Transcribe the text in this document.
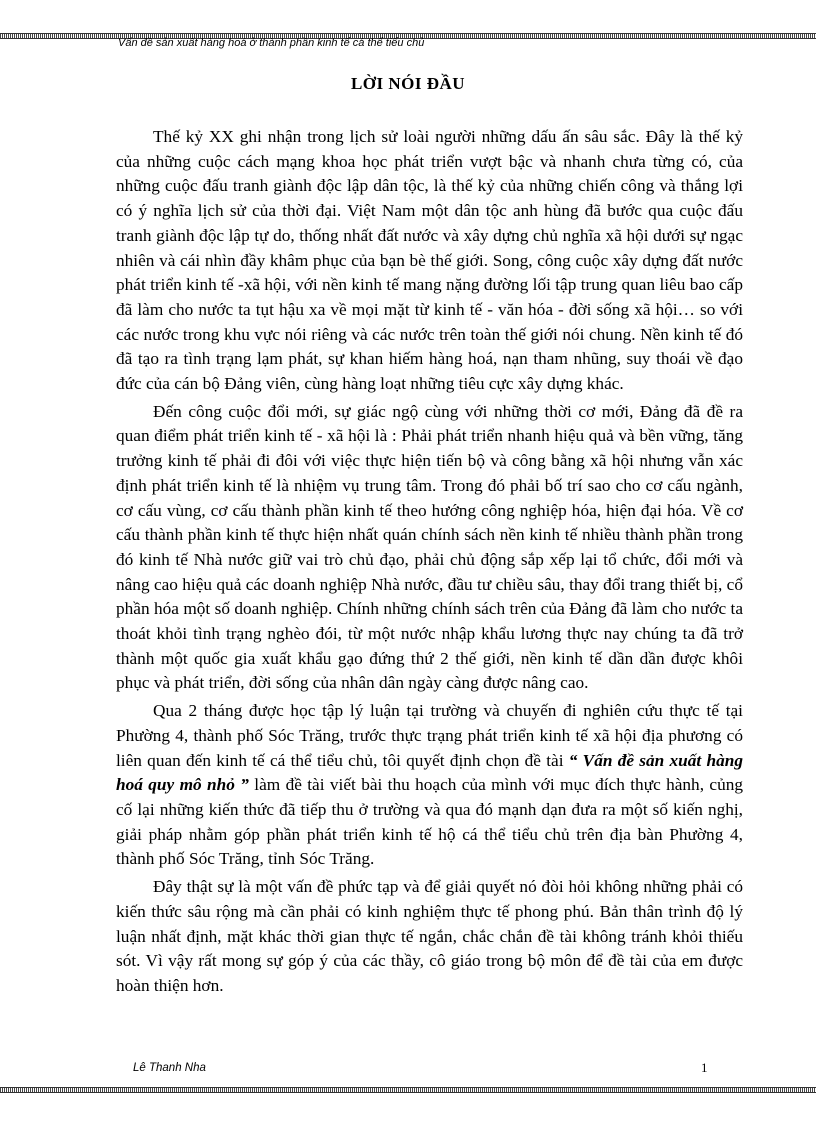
Vấn đề sản xuất hàng hoá ở thành phần kinh tế cá thể tiểu chủ
LỜI NÓI ĐẦU

Thế kỷ XX ghi nhận trong lịch sử loài người những dấu ấn sâu sắc. Đây là thế kỷ của những cuộc cách mạng khoa học phát triển vượt bậc và nhanh chưa từng có, của những cuộc đấu tranh giành độc lập dân tộc, là thế kỷ của những chiến công và thắng lợi có ý nghĩa lịch sử của thời đại. Việt Nam một dân tộc anh hùng đã bước qua cuộc đấu tranh giành độc lập tự do, thống nhất đất nước và xây dựng chủ nghĩa xã hội dưới sự ngạc nhiên và cái nhìn đầy khâm phục của bạn bè thế giới. Song, công cuộc xây dựng đất nước phát triển kinh tế -xã hội, với nền kinh tế mang nặng đường lối tập trung quan liêu bao cấp đã làm cho nước ta tụt hậu xa về mọi mặt từ kinh tế - văn hóa - đời sống xã hội… so với các nước trong khu vực nói riêng và các nước trên toàn thế giới nói chung. Nền kinh tế đó đã tạo ra tình trạng lạm phát, sự khan hiếm hàng hoá, nạn tham nhũng, suy thoái về đạo đức của cán bộ Đảng viên, cùng hàng loạt những tiêu cực xây dựng khác.

Đến công cuộc đổi mới, sự giác ngộ cùng với những thời cơ mới, Đảng đã đề ra quan điểm phát triển kinh tế - xã hội là : Phải phát triển nhanh hiệu quả và bền vững, tăng trưởng kinh tế phải đi đôi với việc thực hiện tiến bộ và công bằng xã hội nhưng vẫn xác định phát triển kinh tế là nhiệm vụ trung tâm. Trong đó phải bố trí sao cho cơ cấu ngành, cơ cấu vùng, cơ cấu thành phần kinh tế theo hướng công nghiệp hóa, hiện đại hóa. Về cơ cấu thành phần kinh tế thực hiện nhất quán chính sách nền kinh tế nhiều thành phần trong đó kinh tế Nhà nước giữ vai trò chủ đạo, phải chủ động sắp xếp lại tổ chức, đổi mới và nâng cao hiệu quả các doanh nghiệp Nhà nước, đầu tư chiều sâu, thay đổi trang thiết bị, cổ phần hóa một số doanh nghiệp. Chính những chính sách trên của Đảng đã làm cho nước ta thoát khỏi tình trạng nghèo đói, từ một nước nhập khẩu lương thực nay chúng ta đã trở thành một quốc gia xuất khẩu gạo đứng thứ 2 thế giới, nền kinh tế dần dần được khôi phục và phát triển, đời sống của nhân dân ngày càng được nâng cao.

Qua 2 tháng được học tập lý luận tại trường và chuyến đi nghiên cứu thực tế tại Phường 4, thành phố Sóc Trăng, trước thực trạng phát triển kinh tế xã hội địa phương có liên quan đến kinh tế cá thể tiểu chủ, tôi quyết định chọn đề tài “ Vấn đề sản xuất hàng hoá quy mô nhỏ ” làm đề tài viết bài thu hoạch của mình với mục đích thực hành, củng cố lại những kiến thức đã tiếp thu ở trường và qua đó mạnh dạn đưa ra một số kiến nghị, giải pháp nhằm góp phần phát triển kinh tế hộ cá thể tiểu chủ trên địa bàn Phường 4, thành phố Sóc Trăng, tỉnh Sóc Trăng.

Đây thật sự là một vấn đề phức tạp và để giải quyết nó đòi hỏi không những phải có kiến thức sâu rộng mà cần phải có kinh nghiệm thực tế phong phú. Bản thân trình độ lý luận nhất định, mặt khác thời gian thực tế ngắn, chắc chắn đề tài không tránh khỏi thiếu sót. Vì vậy rất mong sự góp ý của các thầy, cô giáo trong bộ môn để đề tài của em được hoàn thiện hơn.

Lê Thanh Nha	1
